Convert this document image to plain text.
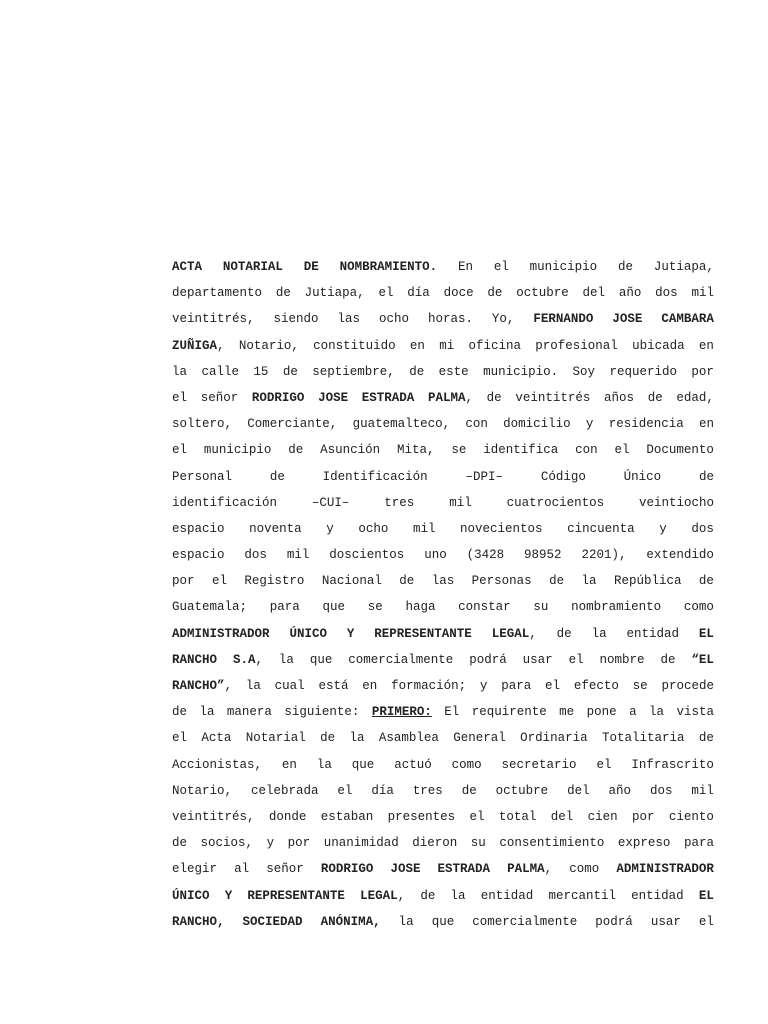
ACTA NOTARIAL DE NOMBRAMIENTO. En el municipio de Jutiapa,
departamento de Jutiapa, el día doce de octubre del año dos mil
veintitrés, siendo las ocho horas. Yo, FERNANDO JOSE CAMBARA
ZUÑIGA, Notario, constituido en mi oficina profesional ubicada en
la calle 15 de septiembre, de este municipio. Soy requerido por
el señor RODRIGO JOSE ESTRADA PALMA, de veintitrés años de edad,
soltero, Comerciante, guatemalteco, con domicilio y residencia en
el municipio de Asunción Mita, se identifica con el Documento
Personal	de	Identificación	–DPI–	Código	Único	de
identificación	–CUI–	tres	mil	cuatrocientos	veintiocho
espacio noventa y ocho mil novecientos cincuenta y dos
espacio dos mil doscientos uno (3428 98952 2201), extendido
por el Registro Nacional de las Personas de la República de
Guatemala; para que se haga constar su nombramiento como
ADMINISTRADOR ÚNICO Y REPRESENTANTE LEGAL, de la entidad EL
RANCHO S.A, la que comercialmente podrá usar el nombre de “EL
RANCHO”, la cual está en formación; y para el efecto se procede
de la manera siguiente: PRIMERO: El requirente me pone a la vista
el Acta Notarial de la Asamblea General Ordinaria Totalitaria de
Accionistas, en la que actuó como secretario el Infrascrito
Notario, celebrada el día tres de octubre del año dos mil
veintitrés, donde estaban presentes el total del cien por ciento
de socios, y por unanimidad dieron su consentimiento expreso para
elegir al señor RODRIGO JOSE ESTRADA PALMA, como ADMINISTRADOR
ÚNICO Y REPRESENTANTE LEGAL, de la entidad mercantil entidad EL
RANCHO, SOCIEDAD ANÓNIMA, la que comercialmente podrá usar el
